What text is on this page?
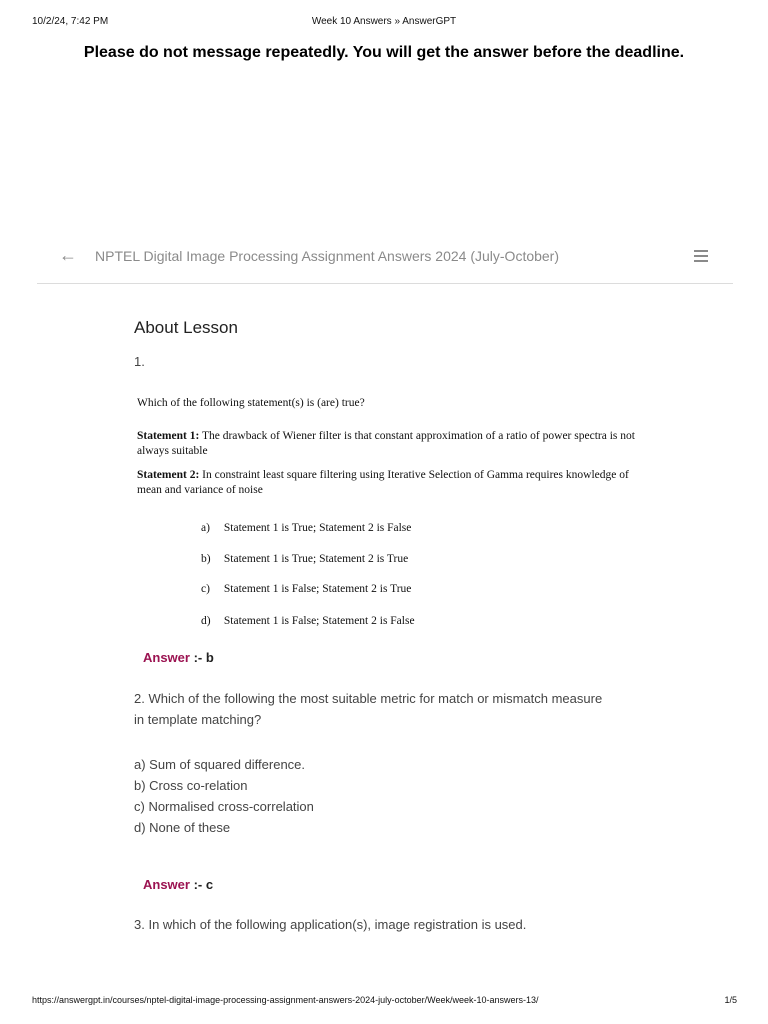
10/2/24, 7:42 PM	Week 10 Answers » AnswerGPT
Please do not message repeatedly. You will get the answer before the deadline.
← NPTEL Digital Image Processing Assignment Answers 2024 (July-October)
About Lesson
1.
Which of the following statement(s) is (are) true?
Statement 1: The drawback of Wiener filter is that constant approximation of a ratio of power spectra is not always suitable
Statement 2: In constraint least square filtering using Iterative Selection of Gamma requires knowledge of mean and variance of noise
a) Statement 1 is True; Statement 2 is False
b) Statement 1 is True; Statement 2 is True
c) Statement 1 is False; Statement 2 is True
d) Statement 1 is False; Statement 2 is False
Answer :- b
2. Which of the following the most suitable metric for match or mismatch measure in template matching?
a) Sum of squared difference.
b) Cross co-relation
c) Normalised cross-correlation
d) None of these
Answer :- c
3. In which of the following application(s), image registration is used.
https://answergpt.in/courses/nptel-digital-image-processing-assignment-answers-2024-july-october/Week/week-10-answers-13/	1/5
